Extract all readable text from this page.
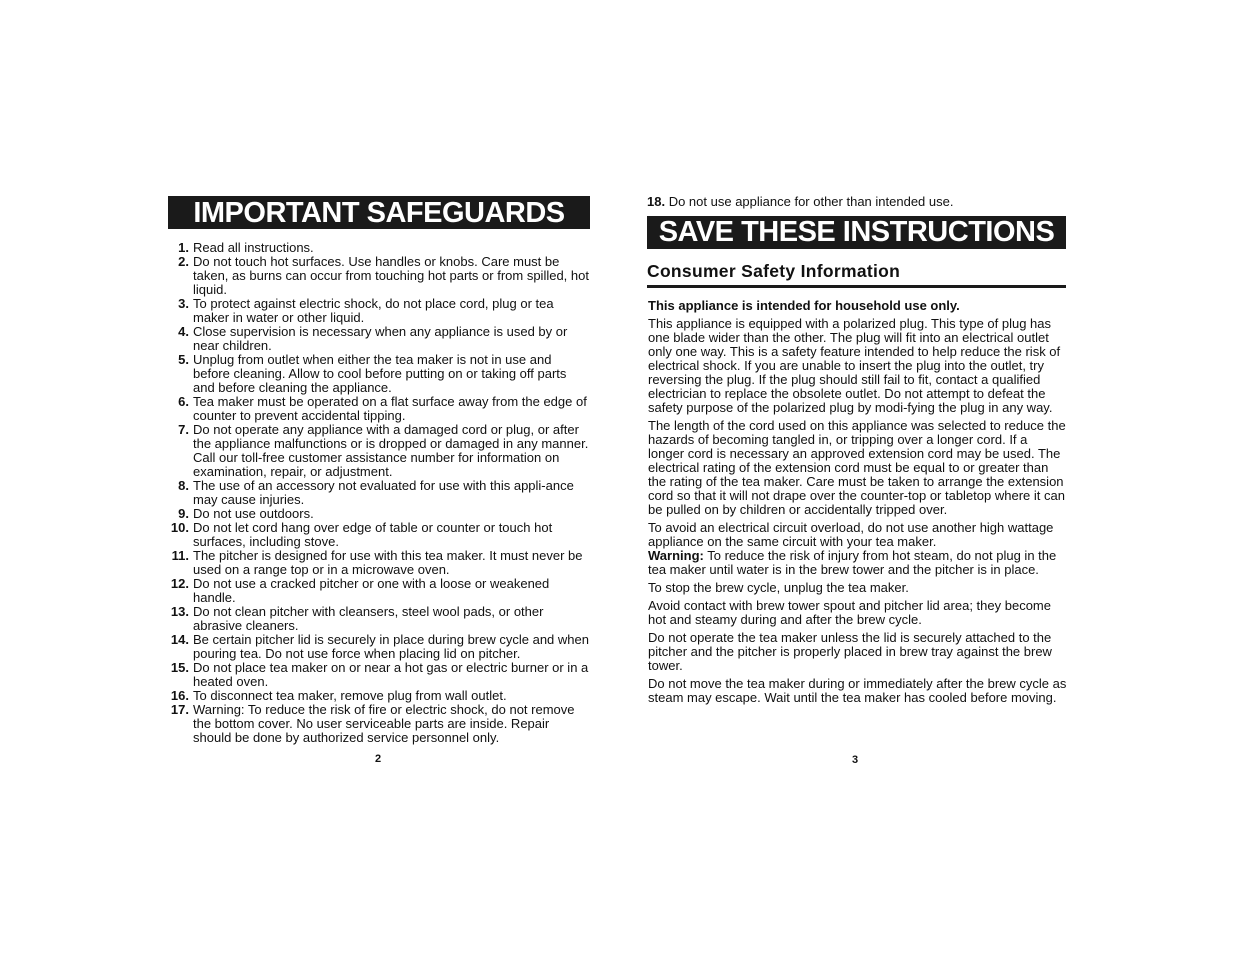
IMPORTANT SAFEGUARDS
1. Read all instructions.
2. Do not touch hot surfaces. Use handles or knobs. Care must be taken, as burns can occur from touching hot parts or from spilled, hot liquid.
3. To protect against electric shock, do not place cord, plug or tea maker in water or other liquid.
4. Close supervision is necessary when any appliance is used by or near children.
5. Unplug from outlet when either the tea maker is not in use and before cleaning. Allow to cool before putting on or taking off parts and before cleaning the appliance.
6. Tea maker must be operated on a flat surface away from the edge of counter to prevent accidental tipping.
7. Do not operate any appliance with a damaged cord or plug, or after the appliance malfunctions or is dropped or damaged in any manner. Call our toll-free customer assistance number for information on examination, repair, or adjustment.
8. The use of an accessory not evaluated for use with this appli-ance may cause injuries.
9. Do not use outdoors.
10. Do not let cord hang over edge of table or counter or touch hot surfaces, including stove.
11. The pitcher is designed for use with this tea maker. It must never be used on a range top or in a microwave oven.
12. Do not use a cracked pitcher or one with a loose or weakened handle.
13. Do not clean pitcher with cleansers, steel wool pads, or other abrasive cleaners.
14. Be certain pitcher lid is securely in place during brew cycle and when pouring tea. Do not use force when placing lid on pitcher.
15. Do not place tea maker on or near a hot gas or electric burner or in a heated oven.
16. To disconnect tea maker, remove plug from wall outlet.
17. Warning: To reduce the risk of fire or electric shock, do not remove the bottom cover. No user serviceable parts are inside. Repair should be done by authorized service personnel only.
2

18. Do not use appliance for other than intended use.

SAVE THESE INSTRUCTIONS
Consumer Safety Information

This appliance is intended for household use only.

This appliance is equipped with a polarized plug. This type of plug has one blade wider than the other. The plug will fit into an electrical outlet only one way. This is a safety feature intended to help reduce the risk of electrical shock. If you are unable to insert the plug into the outlet, try reversing the plug. If the plug should still fail to fit, contact a qualified electrician to replace the obsolete outlet. Do not attempt to defeat the safety purpose of the polarized plug by modi-fying the plug in any way.

The length of the cord used on this appliance was selected to reduce the hazards of becoming tangled in, or tripping over a longer cord. If a longer cord is necessary an approved extension cord may be used. The electrical rating of the extension cord must be equal to or greater than the rating of the tea maker. Care must be taken to arrange the extension cord so that it will not drape over the counter-top or tabletop where it can be pulled on by children or accidentally tripped over.

To avoid an electrical circuit overload, do not use another high wattage appliance on the same circuit with your tea maker.

Warning: To reduce the risk of injury from hot steam, do not plug in the tea maker until water is in the brew tower and the pitcher is in place.

To stop the brew cycle, unplug the tea maker.

Avoid contact with brew tower spout and pitcher lid area; they become hot and steamy during and after the brew cycle.

Do not operate the tea maker unless the lid is securely attached to the pitcher and the pitcher is properly placed in brew tray against the brew tower.

Do not move the tea maker during or immediately after the brew cycle as steam may escape. Wait until the tea maker has cooled before moving.

3
